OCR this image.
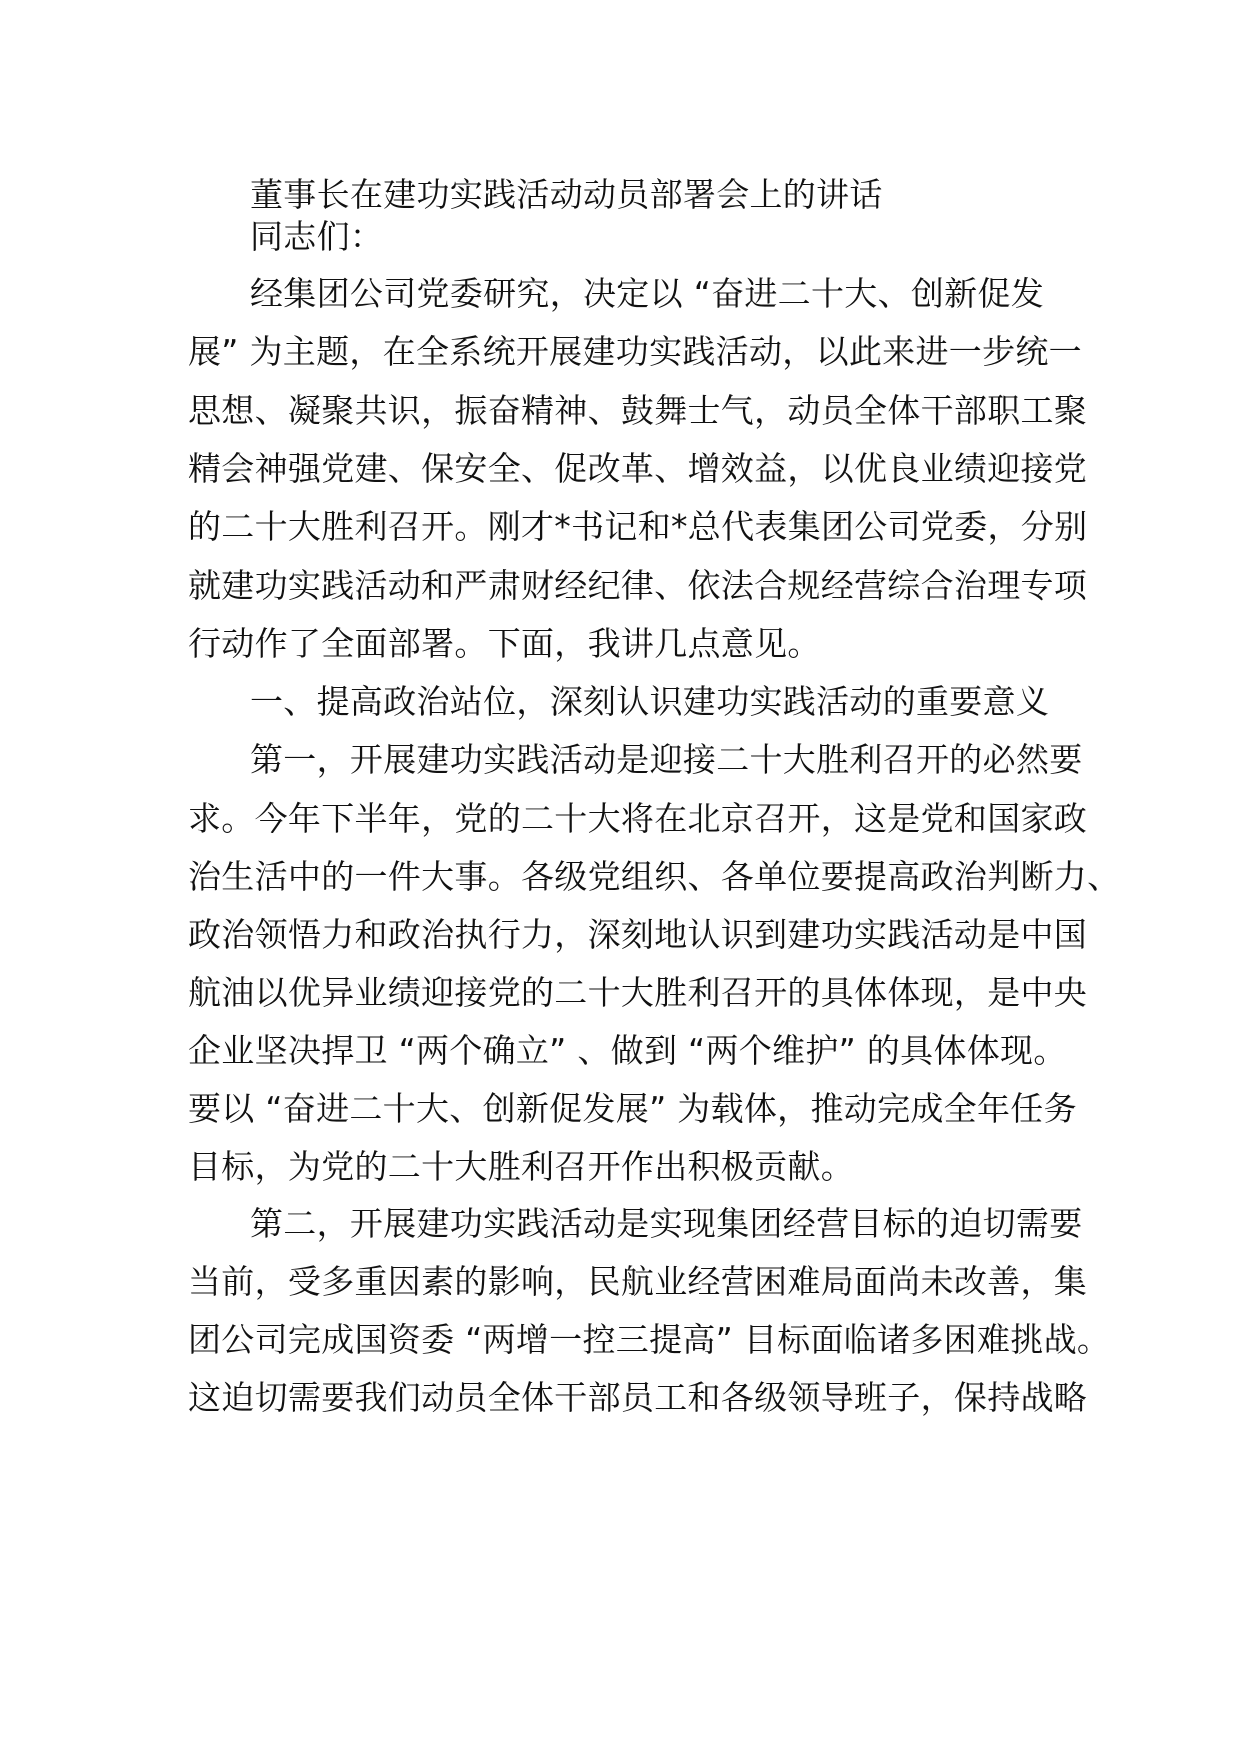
董事长在建功实践活动动员部署会上的讲话

同志们：

经集团公司党委研究，决定以 “奋进二十大、创新促发

展” 为主题，在全系统开展建功实践活动，以此来进一步统一

思想、凝聚共识，振奋精神、鼓舞士气，动员全体干部职工聚

精会神强党建、保安全、促改革、增效益，以优良业绩迎接党

的二十大胜利召开。刚才*书记和*总代表集团公司党委，分别

就建功实践活动和严肃财经纪律、依法合规经营综合治理专项

行动作了全面部署。下面，我讲几点意见。

一、提高政治站位，深刻认识建功实践活动的重要意义

第一，开展建功实践活动是迎接二十大胜利召开的必然要

求。今年下半年，党的二十大将在北京召开，这是党和国家政

治生活中的一件大事。各级党组织、各单位要提高政治判断力、

政治领悟力和政治执行力，深刻地认识到建功实践活动是中国

航油以优异业绩迎接党的二十大胜利召开的具体体现，是中央

企业坚决捍卫 “两个确立” 、做到 “两个维护” 的具体体现。

要以 “奋进二十大、创新促发展” 为载体，推动完成全年任务

目标，为党的二十大胜利召开作出积极贡献。

第二，开展建功实践活动是实现集团经营目标的迫切需要

当前，受多重因素的影响，民航业经营困难局面尚未改善，集

团公司完成国资委 “两增一控三提高” 目标面临诸多困难挑战。

这迫切需要我们动员全体干部员工和各级领导班子，保持战略
